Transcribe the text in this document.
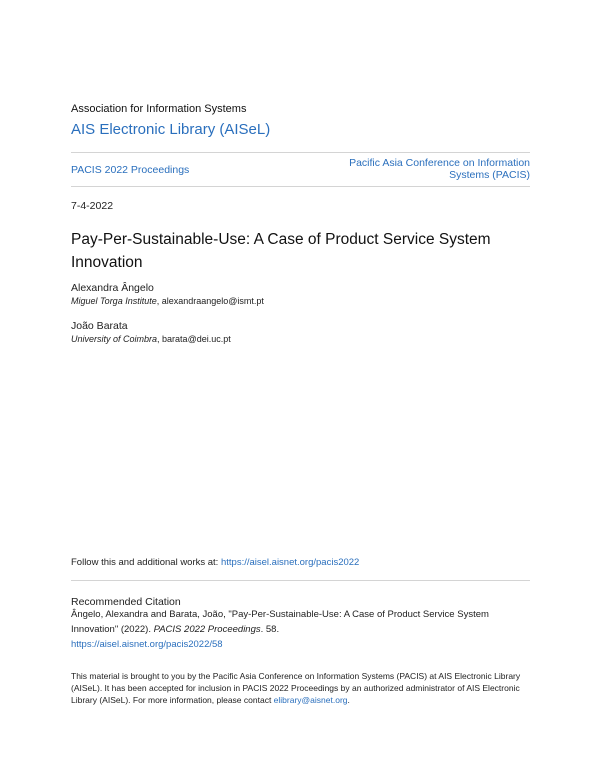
Association for Information Systems
AIS Electronic Library (AISeL)
PACIS 2022 Proceedings
Pacific Asia Conference on Information
Systems (PACIS)
7-4-2022
Pay-Per-Sustainable-Use: A Case of Product Service System Innovation
Alexandra Ângelo
Miguel Torga Institute, alexandraangelo@ismt.pt
João Barata
University of Coimbra, barata@dei.uc.pt
Follow this and additional works at: https://aisel.aisnet.org/pacis2022
Recommended Citation
Ângelo, Alexandra and Barata, João, "Pay-Per-Sustainable-Use: A Case of Product Service System Innovation" (2022). PACIS 2022 Proceedings. 58.
https://aisel.aisnet.org/pacis2022/58
This material is brought to you by the Pacific Asia Conference on Information Systems (PACIS) at AIS Electronic Library (AISeL). It has been accepted for inclusion in PACIS 2022 Proceedings by an authorized administrator of AIS Electronic Library (AISeL). For more information, please contact elibrary@aisnet.org.
